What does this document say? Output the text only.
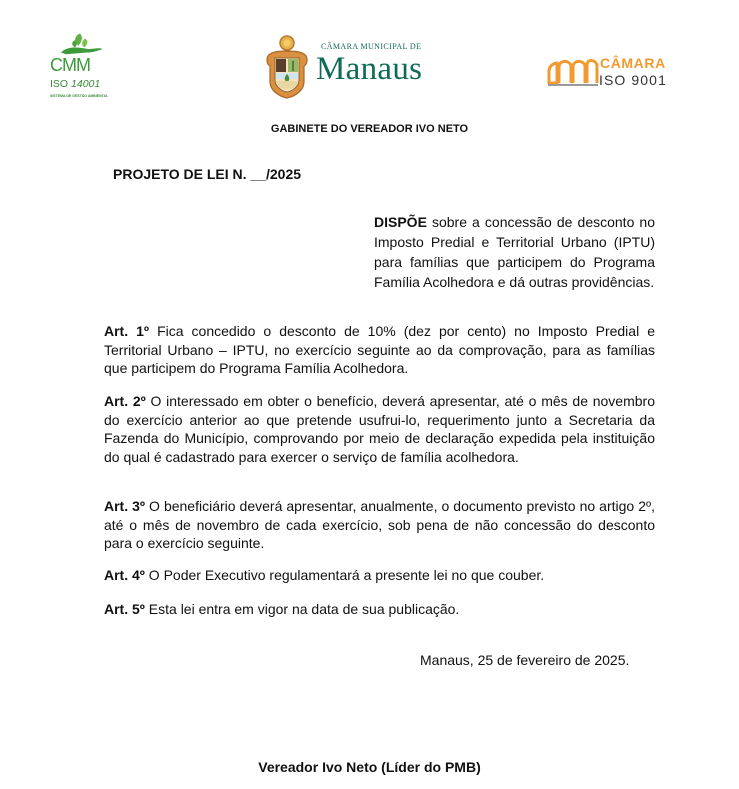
CMM
ISO 14001
SISTEMA DE GESTÃO AMBIENTAL
CÂMARA MUNICIPAL DE
Manaus	CÂMARA
ISO 9001
GABINETE DO VEREADOR IVO NETO
PROJETO DE LEI N. __/2025
DISPÕE sobre a concessão de desconto no Imposto Predial e Territorial Urbano (IPTU) para famílias que participem do Programa Família Acolhedora e dá outras providências.
Art. 1º Fica concedido o desconto de 10% (dez por cento) no Imposto Predial e Territorial Urbano – IPTU, no exercício seguinte ao da comprovação, para as famílias que participem do Programa Família Acolhedora.
Art. 2º O interessado em obter o benefício, deverá apresentar, até o mês de novembro do exercício anterior ao que pretende usufrui-lo, requerimento junto a Secretaria da Fazenda do Município, comprovando por meio de declaração expedida pela instituição do qual é cadastrado para exercer o serviço de família acolhedora.
Art. 3º O beneficiário deverá apresentar, anualmente, o documento previsto no artigo 2º, até o mês de novembro de cada exercício, sob pena de não concessão do desconto para o exercício seguinte.
Art. 4º O Poder Executivo regulamentará a presente lei no que couber.
Art. 5º Esta lei entra em vigor na data de sua publicação.
Manaus, 25 de fevereiro de 2025.
Vereador Ivo Neto (Líder do PMB)
